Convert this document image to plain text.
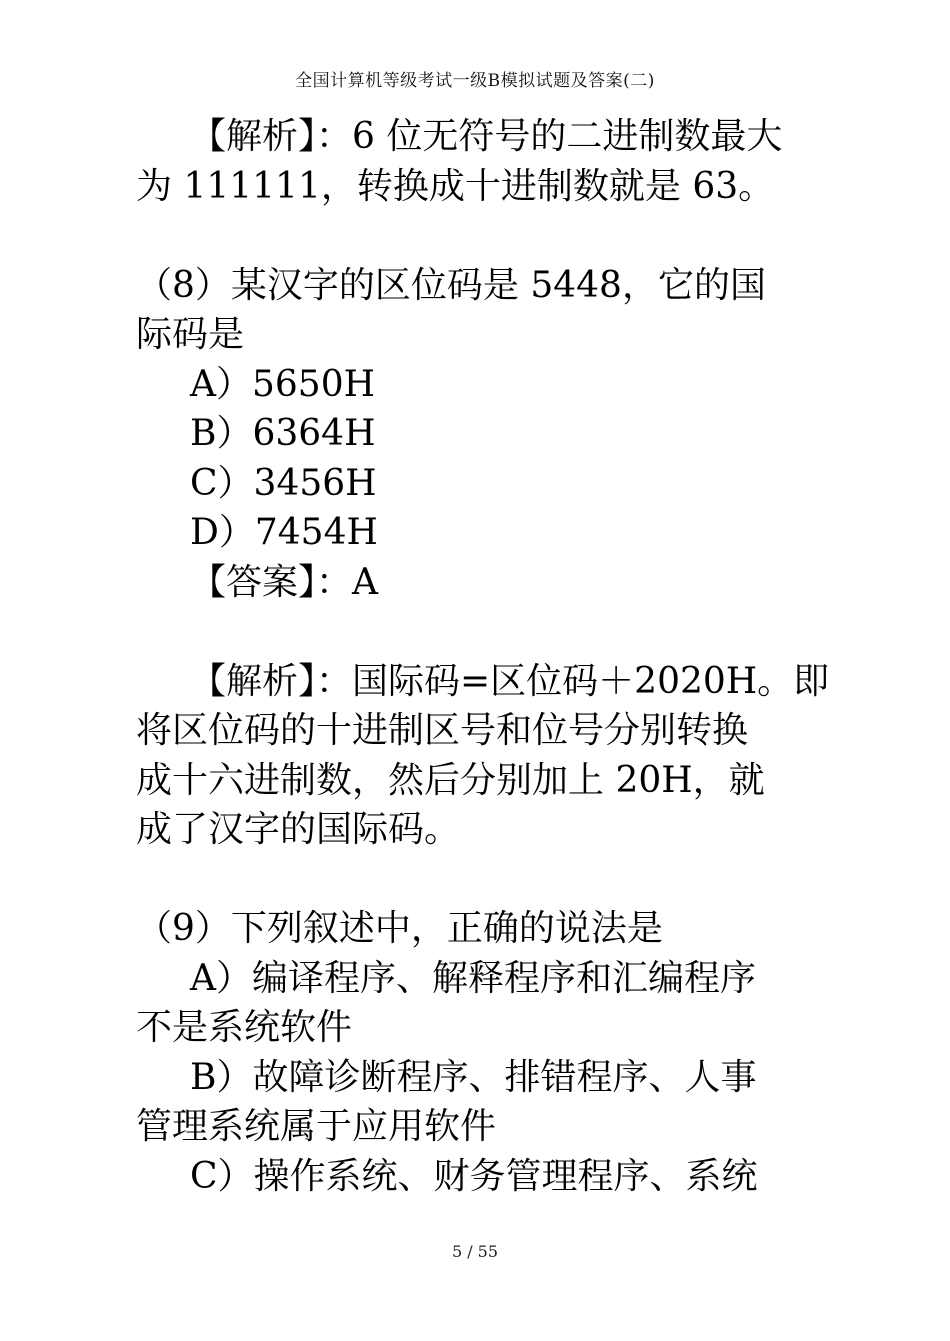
全国计算机等级考试一级B模拟试题及答案(二)
【解析】：6 位无符号的二进制数最大
为 111111，转换成十进制数就是 63。
（8）某汉字的区位码是 5448，它的国
际码是
A）5650H
B）6364H
C）3456H
D）7454H
【答案】：A
【解析】：国际码=区位码＋2020H。即
将区位码的十进制区号和位号分别转换
成十六进制数，然后分别加上 20H，就
成了汉字的国际码。
（9）下列叙述中，正确的说法是
A）编译程序、解释程序和汇编程序
不是系统软件
B）故障诊断程序、排错程序、人事
管理系统属于应用软件
C）操作系统、财务管理程序、系统
5 / 55
